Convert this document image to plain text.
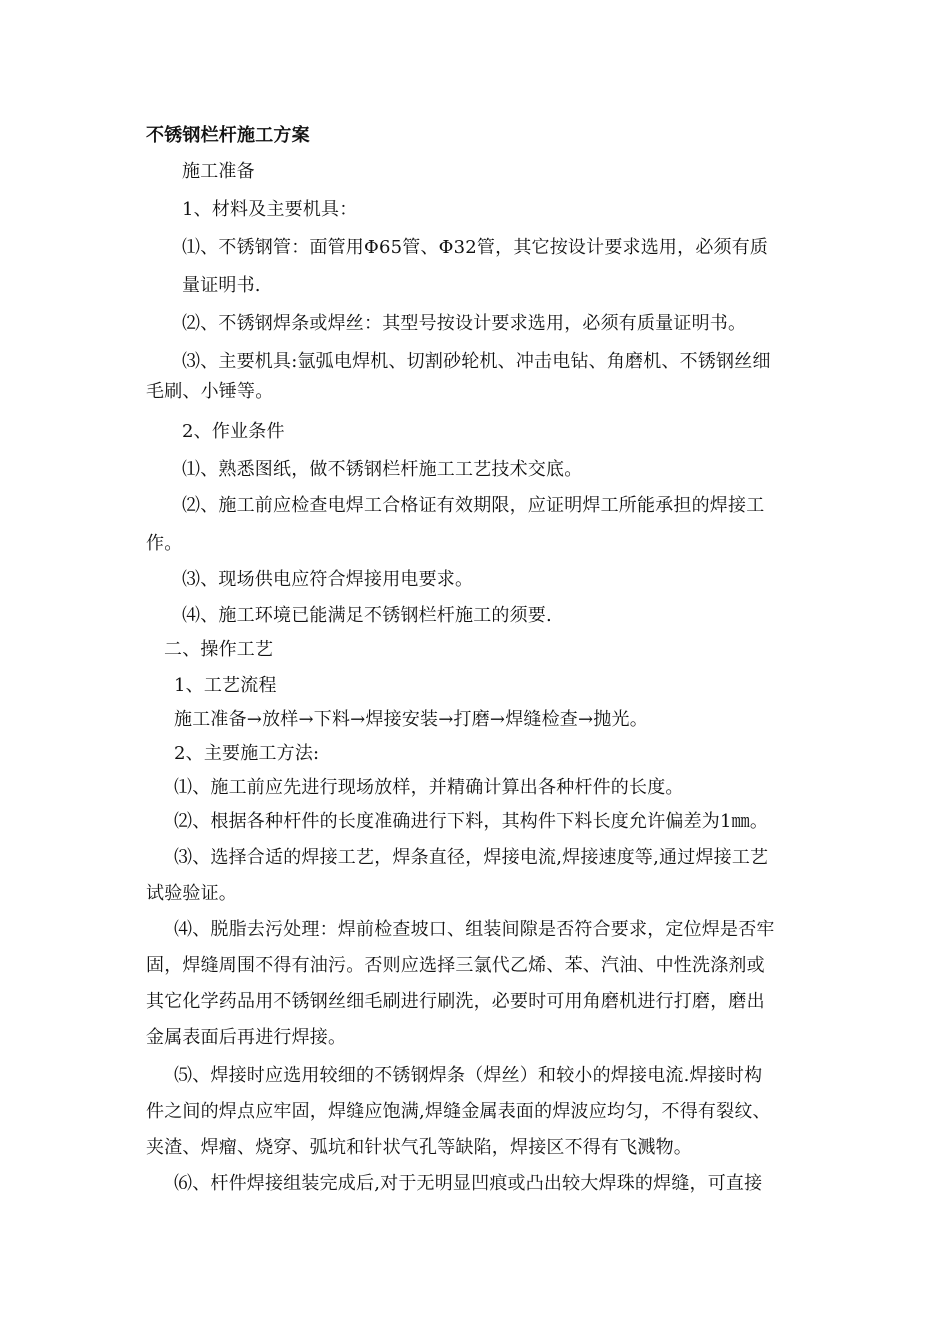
不锈钢栏杆施工方案
施工准备
1、材料及主要机具：
⑴、不锈钢管：面管用Φ65管、Φ32管，其它按设计要求选用，必须有质
量证明书.
⑵、不锈钢焊条或焊丝：其型号按设计要求选用，必须有质量证明书。
⑶、主要机具:氩弧电焊机、切割砂轮机、冲击电钻、角磨机、不锈钢丝细
毛刷、小锤等。
2、作业条件
⑴、熟悉图纸，做不锈钢栏杆施工工艺技术交底。
⑵、施工前应检查电焊工合格证有效期限，应证明焊工所能承担的焊接工
作。
⑶、现场供电应符合焊接用电要求。
⑷、施工环境已能满足不锈钢栏杆施工的须要.
二、操作工艺
1、工艺流程
施工准备→放样→下料→焊接安装→打磨→焊缝检查→抛光。
2、主要施工方法:
⑴、施工前应先进行现场放样，并精确计算出各种杆件的长度。
⑵、根据各种杆件的长度准确进行下料，其构件下料长度允许偏差为1㎜。
⑶、选择合适的焊接工艺，焊条直径，焊接电流,焊接速度等,通过焊接工艺
试验验证。
⑷、脱脂去污处理：焊前检查坡口、组装间隙是否符合要求，定位焊是否牢
固，焊缝周围不得有油污。否则应选择三氯代乙烯、苯、汽油、中性洗涤剂或
其它化学药品用不锈钢丝细毛刷进行刷洗，必要时可用角磨机进行打磨，磨出
金属表面后再进行焊接。
⑸、焊接时应选用较细的不锈钢焊条（焊丝）和较小的焊接电流.焊接时构
件之间的焊点应牢固，焊缝应饱满,焊缝金属表面的焊波应均匀，不得有裂纹、
夹渣、焊瘤、烧穿、弧坑和针状气孔等缺陷，焊接区不得有飞溅物。
⑹、杆件焊接组装完成后,对于无明显凹痕或凸出较大焊珠的焊缝，可直接
